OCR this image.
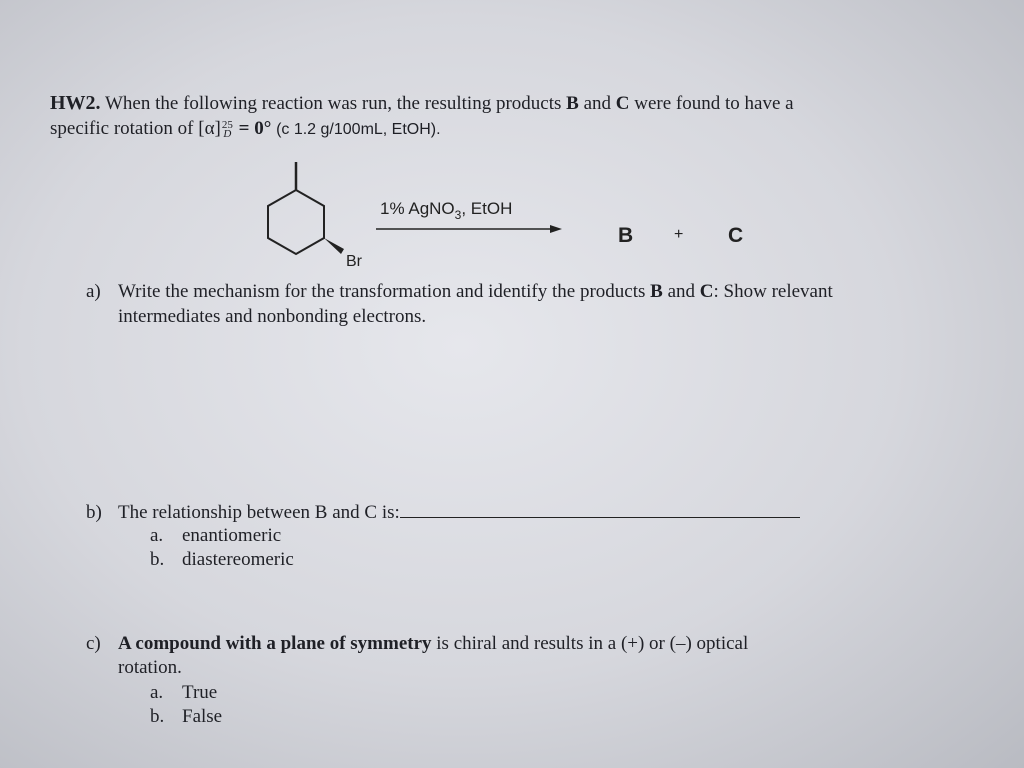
HW2. When the following reaction was run, the resulting products B and C were found to have a
specific rotation of [α] 25
D = 0° (c 1.2 g/100mL, EtOH).
Br
1% AgNO$_3$, EtOH
B	+ C
a) Write the mechanism for the transformation and identify the products B and C: Show relevant
intermediates and nonbonding electrons.
b) The relationship between B and C is:
a. enantiomeric
b. diastereomeric
c) A compound with a plane of symmetry is chiral and results in a (+) or (–) optical
rotation.
a. True
b. False
